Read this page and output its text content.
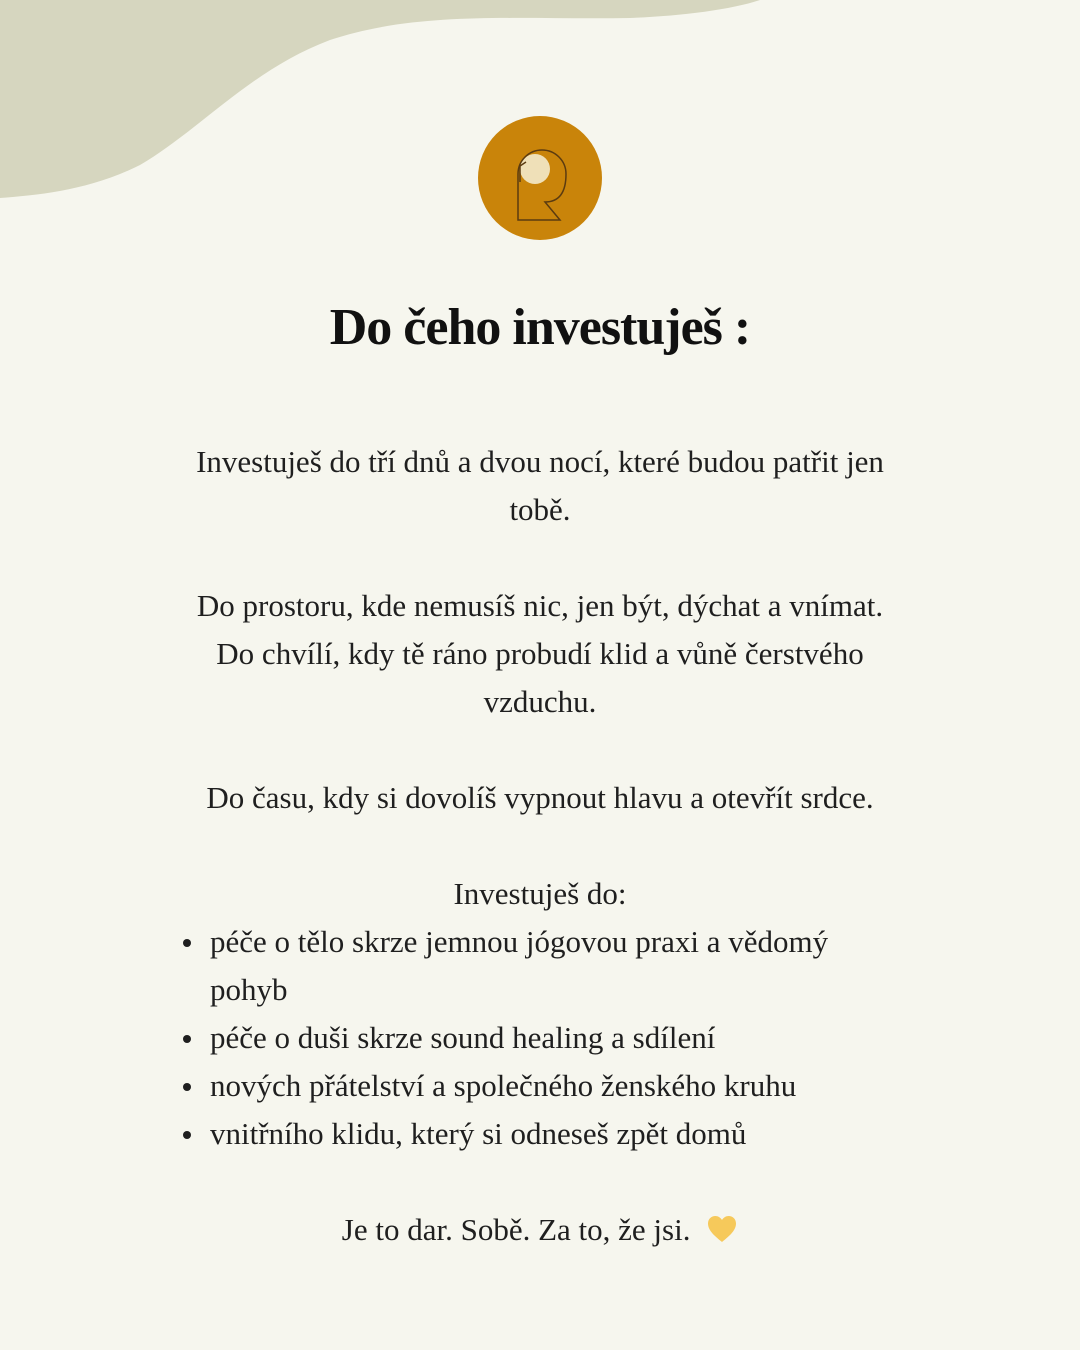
Do čeho investuješ :

Investuješ do tří dnů a dvou nocí, které budou patřit jen tobě.

Do prostoru, kde nemusíš nic, jen být, dýchat a vnímat.
Do chvílí, kdy tě ráno probudí klid a vůně čerstvého vzduchu.

Do času, kdy si dovolíš vypnout hlavu a otevřít srdce.

Investuješ do:

péče o tělo skrze jemnou jógovou praxi a vědomý pohyb
péče o duši skrze sound healing a sdílení
nových přátelství a společného ženského kruhu
vnitřního klidu, který si odneseš zpět domů

Je to dar. Sobě. Za to, že jsi.
